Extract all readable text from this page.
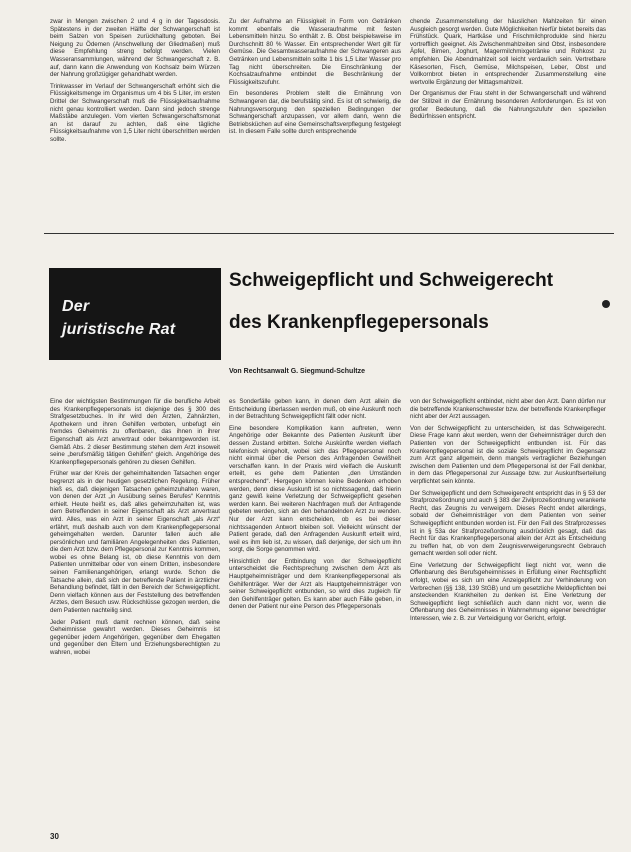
zwar in Mengen zwischen 2 und 4 g in der Tagesdosis. Spätestens in der zweiten Hälfte der Schwangerschaft ist beim Salzen von Speisen zurückhaltung geboten. Bei Neigung zu Ödemen (Anschwellung der Gliedmaßen) muß diese Empfehlung streng befolgt werden. Vielen Wasseransammlungen, während der Schwangerschaft z. B. auf, dann kann die Anwendung von Kochsalz beim Würzen der Nahrung großzügiger gehandhabt werden.

Trinkwasser im Verlauf der Schwangerschaft erhöht sich die Flüssigkeitsmenge im Organismus um 4 bis 5 Liter, im ersten Drittel der Schwangerschaft muß die Flüssigkeitsaufnahme nicht genau kontrolliert werden. Dann sind jedoch strenge Maßstäbe anzulegen. Vom vierten Schwangerschaftsmonat an ist darauf zu achten, daß eine tägliche Flüssigkeitsaufnahme von 1,5 Liter nicht überschritten werden sollte.

Zu der Aufnahme an Flüssigkeit in Form von Getränken kommt ebenfalls die Wasseraufnahme mit festen Lebensmitteln hinzu. So enthält z. B. Obst beispielsweise im Durchschnitt 80 % Wasser. Ein entsprechender Wert gilt für Gemüse. Die Gesamtwasseraufnahme der Schwangeren aus Getränken und Lebensmitteln sollte 1 bis 1,5 Liter Wasser pro Tag nicht überschreiten. Die Einschränkung der Kochsalzaufnahme entbindet die Beschränkung der Flüssigkeitszufuhr.

Ein besonderes Problem stellt die Ernährung von Schwangeren dar, die berufstätig sind. Es ist oft schwierig, die Nahrungsversorgung den speziellen Bedingungen der Schwangerschaft anzupassen, vor allem dann, wenn die Betriebsküchen auf eine Gemeinschaftsverpflegung festgelegt ist. In diesem Falle sollte durch entsprechende

chende Zusammenstellung der häuslichen Mahlzeiten für einen Ausgleich gesorgt werden. Gute Möglichkeiten hierfür bietet bereits das Frühstück. Quark, Hartkäse und Frischmilchprodukte sind hierzu vortrefflich geeignet. Als Zwischenmahlzeiten sind Obst, insbesondere Äpfel, Birnen, Joghurt, Magermilchmixgetränke und Rohkost zu empfehlen. Die Abendmahlzeit soll leicht verdaulich sein. Vertretbare Käsesorten, Fisch, Gemüse, Milchspeisen, Leber, Obst und Vollkornbrot bieten in entsprechender Zusammenstellung eine wertvolle Ergänzung der Mittagsmahlzeit.

Der Organismus der Frau steht in der Schwangerschaft und während der Stillzeit in der Ernährung besonderen Anforderungen. Es ist von großer Bedeutung, daß die Nahrungszufuhr den speziellen Bedürfnissen entspricht.

Der
juristische Rat
Schweigepflicht und Schweigerecht
des Krankenpflegepersonals
Von Rechtsanwalt G. Siegmund-Schultze

Eine der wichtigsten Bestimmungen für die berufliche Arbeit des Krankenpflegepersonals ist diejenige des § 300 des Strafgesetzbuches. In ihr wird den Ärzten, Zahnärzten, Apothekern und ihren Gehilfen verboten, unbefugt ein fremdes Geheimnis zu offenbaren, das ihnen in ihrer Eigenschaft als Arzt anvertraut oder bekanntgeworden ist. Gemäß Abs. 2 dieser Bestimmung stehen dem Arzt insoweit seine „berufsmäßig tätigen Gehilfen“ gleich. Angehörige des Krankenpflegepersonals gehören zu diesen Gehilfen.

Früher war der Kreis der geheimhaltenden Tatsachen enger begrenzt als in der heutigen gesetzlichen Regelung. Früher hieß es, daß diejenigen Tatsachen geheimzuhalten waren, von denen der Arzt „in Ausübung seines Berufes“ Kenntnis erhielt. Heute heißt es, daß alles geheimzuhalten ist, was dem Betreffenden in seiner Eigenschaft als Arzt anvertraut wird. Alles, was ein Arzt in seiner Eigenschaft „als Arzt“ erfährt, muß deshalb auch von dem Krankenpflegepersonal geheimgehalten werden. Darunter fallen auch alle persönlichen und familiären Angelegenheiten des Patienten, die dem Arzt bzw. dem Pflegepersonal zur Kenntnis kommen, wobei es ohne Belang ist, ob diese Kenntnis von dem Patienten unmittelbar oder von einem Dritten, insbesondere seinen Familienangehörigen, erlangt wurde. Schon die Tatsache allein, daß sich der betreffende Patient in ärztlicher Behandlung befindet, fällt in den Bereich der Schweigepflicht. Denn vielfach können aus der Feststellung des betreffenden Arztes, dem Besuch usw. Rückschlüsse gezogen werden, die dem Patienten nachteilig sind.

Jeder Patient muß damit rechnen können, daß seine Geheimnisse gewahrt werden. Dieses Geheimnis ist gegenüber jedem Angehörigen, gegenüber dem Ehegatten und gegenüber den Eltern und Erziehungsberechtigten zu wahren, wobei

es Sonderfälle geben kann, in denen dem Arzt allein die Entscheidung überlassen werden muß, ob eine Auskunft noch in der Betrachtung Schweigepflicht fällt oder nicht.

Eine besondere Komplikation kann auftreten, wenn Angehörige oder Bekannte des Patienten Auskunft über dessen Zustand erbitten. Solche Auskünfte werden vielfach telefonisch eingeholt, wobei sich das Pflegepersonal noch nicht einmal über die Person des Anfragenden Gewißheit verschaffen kann. In der Praxis wird vielfach die Auskunft erteilt, es gehe dem Patienten „den Umständen entsprechend“. Hiergegen können keine Bedenken erhoben werden, denn diese Auskunft ist so nichtssagend, daß hierin ganz gewiß keine Verletzung der Schweigepflicht gesehen werden kann. Bei weiteren Nachfragen muß der Anfragende gebeten werden, sich an den behandelnden Arzt zu wenden. Nur der Arzt kann entscheiden, ob es bei dieser nichtssagenden Antwort bleiben soll. Vielleicht wünscht der Patient gerade, daß den Anfragenden Auskunft erteilt wird, weil es ihm lieb ist, zu wissen, daß derjenige, der sich um ihn sorgt, die Sorge genommen wird.

Hinsichtlich der Entbindung von der Schweigepflicht unterscheidet die Rechtsprechung zwischen dem Arzt als Hauptgeheimnisträger und dem Krankenpflegepersonal als Gehilfenträger. Wer der Arzt als Hauptgeheimnisträger von seiner Schweigepflicht entbunden, so wird dies zugleich für den Gehilfenträger gelten. Es kann aber auch Fälle geben, in denen der Patient nur eine Person des Pflegepersonals

von der Schweigepflicht entbindet, nicht aber den Arzt. Dann dürfen nur die betreffende Krankenschwester bzw. der betreffende Krankenpfleger nicht aber der Arzt aussagen.

Von der Schweigepflicht zu unterscheiden, ist das Schweigerecht. Diese Frage kann akut werden, wenn der Geheimnisträger durch den Patienten von der Schweigepflicht entbunden ist. Für das Krankenpflegepersonal ist die soziale Schweigepflicht im Gegensatz zum Arzt ganz allgemein, denn mangels vertraglicher Beziehungen zwischen dem Patienten und dem Pflegepersonal ist der Fall denkbar, in dem das Pflegepersonal zur Aussage bzw. zur Auskunftserteilung verpflichtet sein könnte.

Der Schweigepflicht und dem Schweigerecht entspricht das in § 53 der Strafprozeßordnung und auch § 383 der Zivilprozeßordnung verankerte Recht, das Zeugnis zu verweigern. Dieses Recht endet allerdings, sobald der Geheimnisträger von dem Patienten von seiner Schweigepflicht entbunden worden ist. Für den Fall des Strafprozesses ist in § 53a der Strafprozeßordnung ausdrücklich gesagt, daß das Recht für das Krankenpflegepersonal allein der Arzt als Entscheidung zu treffen hat, ob von dem Zeugnisverweigerungsrecht Gebrauch gemacht werden soll oder nicht.

Eine Verletzung der Schweigepflicht liegt nicht vor, wenn die Offenbarung des Berufsgeheimnisses in Erfüllung einer Rechtspflicht erfolgt, wobei es sich um eine Anzeigepflicht zur Verhinderung von Verbrechen (§§ 138, 139 StGB) und um gesetzliche Meldepflichten bei ansteckenden Krankheiten zu denken ist. Eine Verletzung der Schweigepflicht liegt schließlich auch dann nicht vor, wenn die Offenbarung des Geheimnisses in Wahrnehmung eigener berechtigter Interessen, wie z. B. zur Verteidigung vor Gericht, erfolgt.

30
